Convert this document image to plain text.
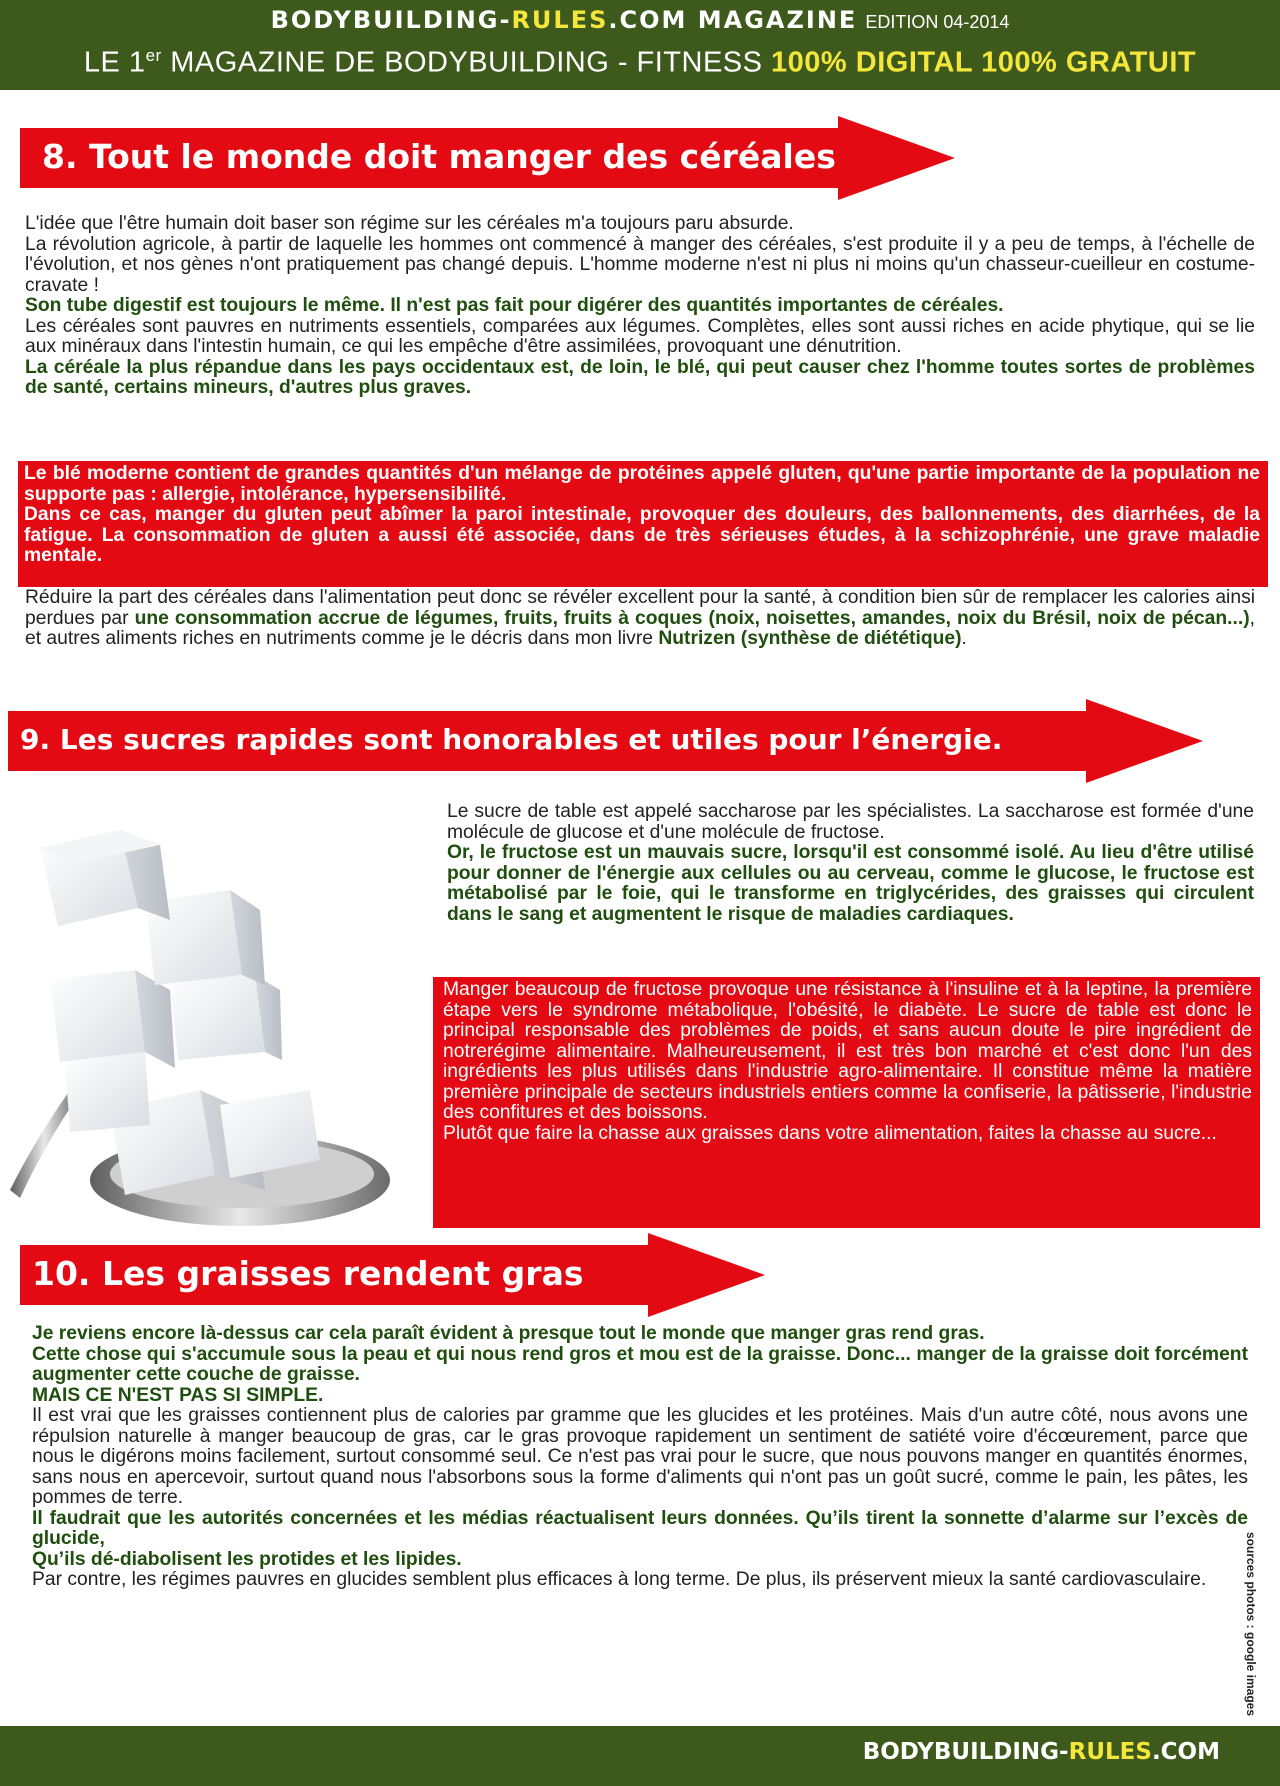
BODYBUILDING-RULES.COM MAGAZINE EDITION 04-2014
LE 1er MAGAZINE DE BODYBUILDING - FITNESS 100% DIGITAL 100% GRATUIT
8. Tout le monde doit manger des céréales

L'idée que l'être humain doit baser son régime sur les céréales m'a toujours paru absurde.

La révolution agricole, à partir de laquelle les hommes ont commencé à manger des céréales, s'est produite il y a peu de temps, à l'échelle de l'évolution, et nos gènes n'ont pratiquement pas changé depuis. L'homme moderne n'est ni plus ni moins qu'un chasseur-cueilleur en costume-cravate !

Son tube digestif est toujours le même. Il n'est pas fait pour digérer des quantités importantes de céréales.

Les céréales sont pauvres en nutriments essentiels, comparées aux légumes. Complètes, elles sont aussi riches en acide phytique, qui se lie aux minéraux dans l'intestin humain, ce qui les empêche d'être assimilées, provoquant une dénutrition.

La céréale la plus répandue dans les pays occidentaux est, de loin, le blé, qui peut causer chez l'homme toutes sortes de problèmes de santé, certains mineurs, d'autres plus graves.

Le blé moderne contient de grandes quantités d'un mélange de protéines appelé gluten, qu'une partie importante de la population ne supporte pas : allergie, intolérance, hypersensibilité.

Dans ce cas, manger du gluten peut abîmer la paroi intestinale, provoquer des douleurs, des ballonnements, des diarrhées, de la fatigue. La consommation de gluten a aussi été associée, dans de très sérieuses études, à la schizophrénie, une grave maladie mentale.

Réduire la part des céréales dans l'alimentation peut donc se révéler excellent pour la santé, à condition bien sûr de remplacer les calories ainsi perdues par une consommation accrue de légumes, fruits, fruits à coques (noix, noisettes, amandes, noix du Brésil, noix de pécan...), et autres aliments riches en nutriments comme je le décris dans mon livre Nutrizen (synthèse de diététique).

9. Les sucres rapides sont honorables et utiles pour l’énergie.

Le sucre de table est appelé saccharose par les spécialistes. La saccharose est formée d'une molécule de glucose et d'une molécule de fructose.

Or, le fructose est un mauvais sucre, lorsqu'il est consommé isolé. Au lieu d'être utilisé pour donner de l'énergie aux cellules ou au cerveau, comme le glucose, le fructose est métabolisé par le foie, qui le transforme en triglycérides, des graisses qui circulent dans le sang et augmentent le risque de maladies cardiaques.

Manger beaucoup de fructose provoque une résistance à l'insuline et à la leptine, la première étape vers le syndrome métabolique, l'obésité, le diabète. Le sucre de table est donc le principal responsable des problèmes de poids, et sans aucun doute le pire ingrédient de notrerégime alimentaire. Malheureusement, il est très bon marché et c'est donc l'un des ingrédients les plus utilisés dans l'industrie agro-alimentaire. Il constitue même la matière première principale de secteurs industriels entiers comme la confiserie, la pâtisserie, l'industrie des confitures et des boissons.

Plutôt que faire la chasse aux graisses dans votre alimentation, faites la chasse au sucre...

10. Les graisses rendent gras

Je reviens encore là-dessus car cela paraît évident à presque tout le monde que manger gras rend gras.

Cette chose qui s'accumule sous la peau et qui nous rend gros et mou est de la graisse. Donc... manger de la graisse doit forcément augmenter cette couche de graisse.

MAIS CE N'EST PAS SI SIMPLE.

Il est vrai que les graisses contiennent plus de calories par gramme que les glucides et les protéines. Mais d'un autre côté, nous avons une répulsion naturelle à manger beaucoup de gras, car le gras provoque rapidement un sentiment de satiété voire d'écœurement, parce que nous le digérons moins facilement, surtout consommé seul. Ce n'est pas vrai pour le sucre, que nous pouvons manger en quantités énormes, sans nous en apercevoir, surtout quand nous l'absorbons sous la forme d'aliments qui n'ont pas un goût sucré, comme le pain, les pâtes, les pommes de terre.

Il faudrait que les autorités concernées et les médias réactualisent leurs données. Qu’ils tirent la sonnette d’alarme sur l’excès de glucide,

Qu’ils dé-diabolisent les protides et les lipides.

Par contre, les régimes pauvres en glucides semblent plus efficaces à long terme. De plus, ils préservent mieux la santé cardiovasculaire.	sources photos : google images
BODYBUILDING-RULES.COM
